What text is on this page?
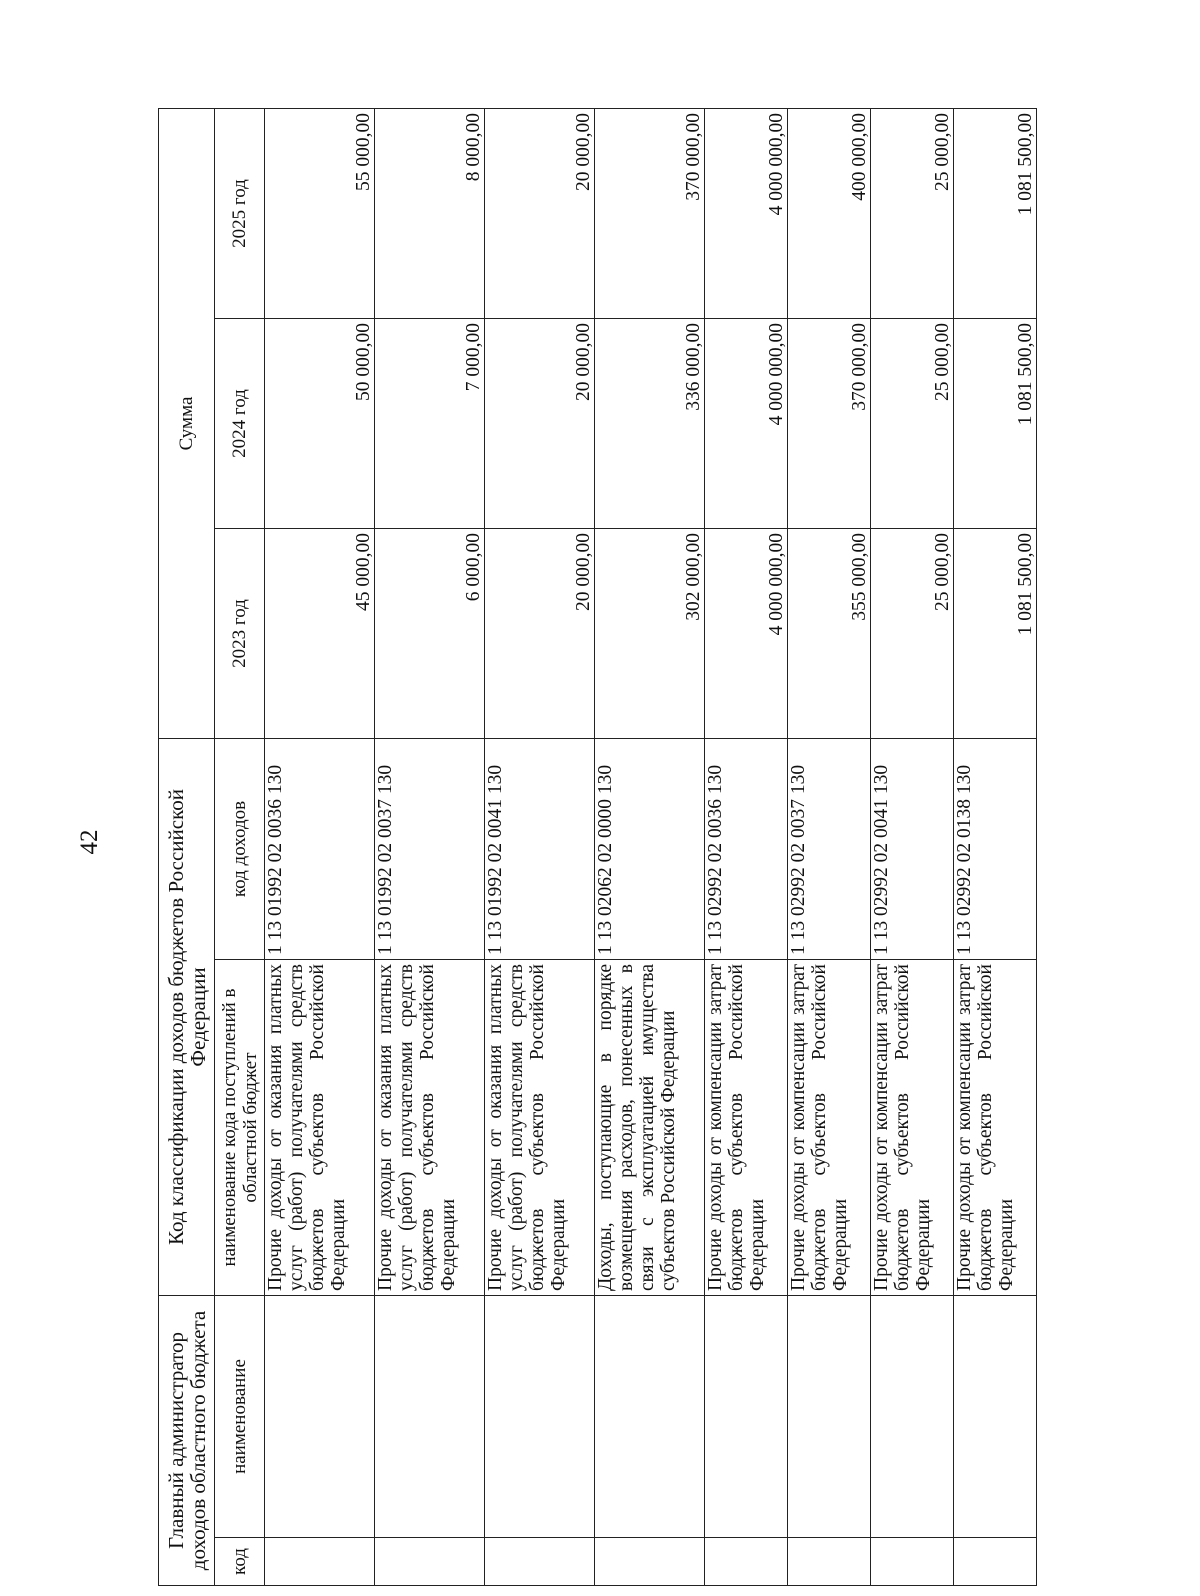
42
Главный администратор доходов областного бюджета		Код классификации доходов бюджетов Российской Федерации		Сумма		
код	наименование	наименование кода поступлений в областной бюджет	код доходов	2023 год	2024 год	2025 год
		Прочие доходы от оказания платных услуг (работ) получателями средств бюджетов субъектов Российской Федерации	1 13 01992 02 0036 130	45 000,00	50 000,00	55 000,00
		Прочие доходы от оказания платных услуг (работ) получателями средств бюджетов субъектов Российской Федерации	1 13 01992 02 0037 130	6 000,00	7 000,00	8 000,00
		Прочие доходы от оказания платных услуг (работ) получателями средств бюджетов субъектов Российской Федерации	1 13 01992 02 0041 130	20 000,00	20 000,00	20 000,00
		Доходы, поступающие в порядке возмещения расходов, понесенных в связи с эксплуатацией имущества субъектов Российской Федерации	1 13 02062 02 0000 130	302 000,00	336 000,00	370 000,00
		Прочие доходы от компенсации затрат бюджетов субъектов Российской Федерации	1 13 02992 02 0036 130	4 000 000,00	4 000 000,00	4 000 000,00
		Прочие доходы от компенсации затрат бюджетов субъектов Российской Федерации	1 13 02992 02 0037 130	355 000,00	370 000,00	400 000,00
		Прочие доходы от компенсации затрат бюджетов субъектов Российской Федерации	1 13 02992 02 0041 130	25 000,00	25 000,00	25 000,00
		Прочие доходы от компенсации затрат бюджетов субъектов Российской Федерации	1 13 02992 02 0138 130	1 081 500,00	1 081 500,00	1 081 500,00
